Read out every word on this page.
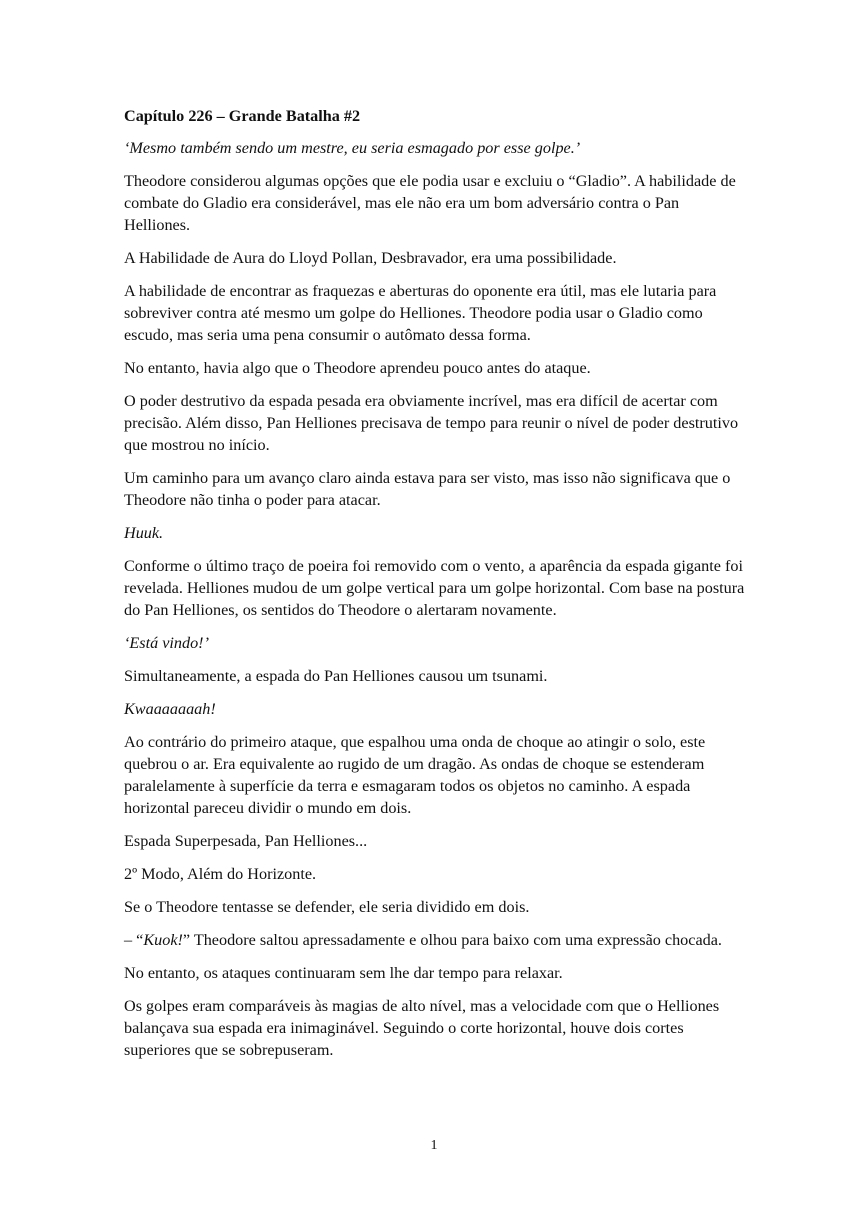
Capítulo 226 – Grande Batalha #2

‘Mesmo também sendo um mestre, eu seria esmagado por esse golpe.’

Theodore considerou algumas opções que ele podia usar e excluiu o “Gladio”. A habilidade de combate do Gladio era considerável, mas ele não era um bom adversário contra o Pan Helliones.

A Habilidade de Aura do Lloyd Pollan, Desbravador, era uma possibilidade.

A habilidade de encontrar as fraquezas e aberturas do oponente era útil, mas ele lutaria para sobreviver contra até mesmo um golpe do Helliones. Theodore podia usar o Gladio como escudo, mas seria uma pena consumir o autômato dessa forma.

No entanto, havia algo que o Theodore aprendeu pouco antes do ataque.

O poder destrutivo da espada pesada era obviamente incrível, mas era difícil de acertar com precisão. Além disso, Pan Helliones precisava de tempo para reunir o nível de poder destrutivo que mostrou no início.

Um caminho para um avanço claro ainda estava para ser visto, mas isso não significava que o Theodore não tinha o poder para atacar.

Huuk.

Conforme o último traço de poeira foi removido com o vento, a aparência da espada gigante foi revelada. Helliones mudou de um golpe vertical para um golpe horizontal. Com base na postura do Pan Helliones, os sentidos do Theodore o alertaram novamente.

‘Está vindo!’

Simultaneamente, a espada do Pan Helliones causou um tsunami.

Kwaaaaaaah!

Ao contrário do primeiro ataque, que espalhou uma onda de choque ao atingir o solo, este quebrou o ar. Era equivalente ao rugido de um dragão. As ondas de choque se estenderam paralelamente à superfície da terra e esmagaram todos os objetos no caminho. A espada horizontal pareceu dividir o mundo em dois.

Espada Superpesada, Pan Helliones...

2º Modo, Além do Horizonte.

Se o Theodore tentasse se defender, ele seria dividido em dois.

– “Kuok!” Theodore saltou apressadamente e olhou para baixo com uma expressão chocada.

No entanto, os ataques continuaram sem lhe dar tempo para relaxar.

Os golpes eram comparáveis às magias de alto nível, mas a velocidade com que o Helliones balançava sua espada era inimaginável. Seguindo o corte horizontal, houve dois cortes superiores que se sobrepuseram.

1
